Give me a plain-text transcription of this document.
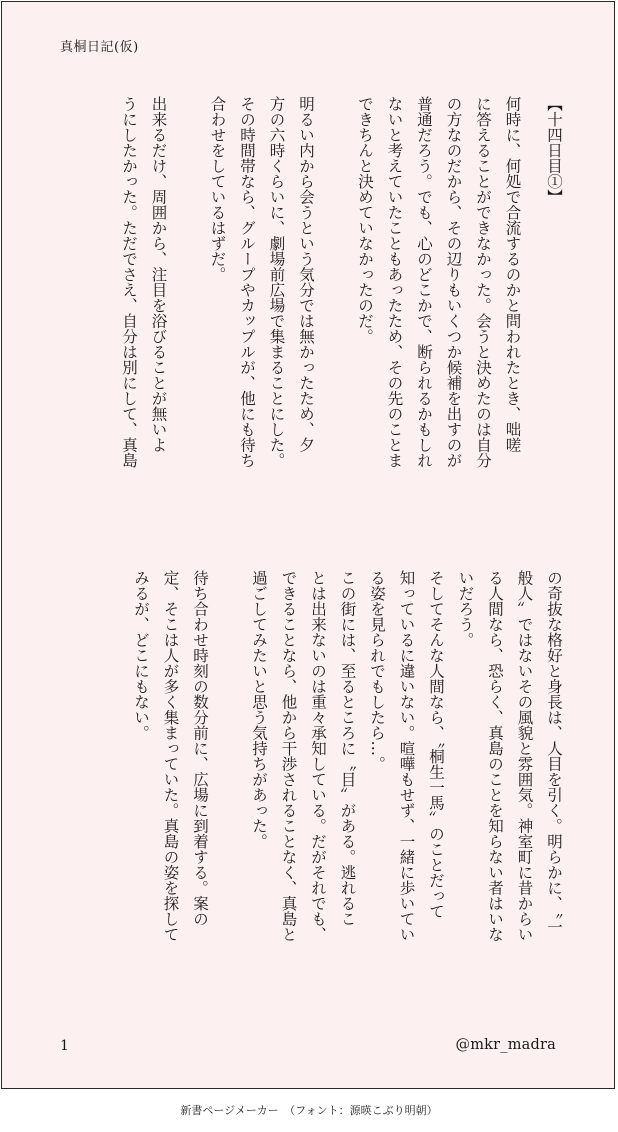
真桐日記(仮)
【十四日目①】
何時に、何処で合流するのかと問われたとき、咄嗟
に答えることができなかった。会うと決めたのは自分
の方なのだから、その辺りもいくつか候補を出すのが
普通だろう。でも、心のどこかで、断られるかもしれ
ないと考えていたこともあったため、その先のことま
できちんと決めていなかったのだ。

明るい内から会うという気分では無かったため、夕
方の六時くらいに、劇場前広場で集まることにした。
その時間帯なら、グループやカップルが、他にも待ち
合わせをしているはずだ。

出来るだけ、周囲から、注目を浴びることが無いよ
うにしたかった。ただでさえ、自分は別にして、真島
の奇抜な格好と身長は、人目を引く。明らかに、〝一
般人〟ではないその風貌と雰囲気。神室町に昔からい
る人間なら、恐らく、真島のことを知らない者はいな
いだろう。
そしてそんな人間なら、〝桐生一馬〟のことだって
知っているに違いない。喧嘩もせず、一緒に歩いてい
る姿を見られでもしたら…。
この街には、至るところに〝目〟がある。逃れるこ
とは出来ないのは重々承知している。だがそれでも、
できることなら、他から干渉されることなく、真島と
過ごしてみたいと思う気持ちがあった。

待ち合わせ時刻の数分前に、広場に到着する。案の
定、そこは人が多く集まっていた。真島の姿を探して
みるが、どこにもない。
1	@mkr_madra
新書ページメーカー　（フォント：源暎こぶり明朝）
